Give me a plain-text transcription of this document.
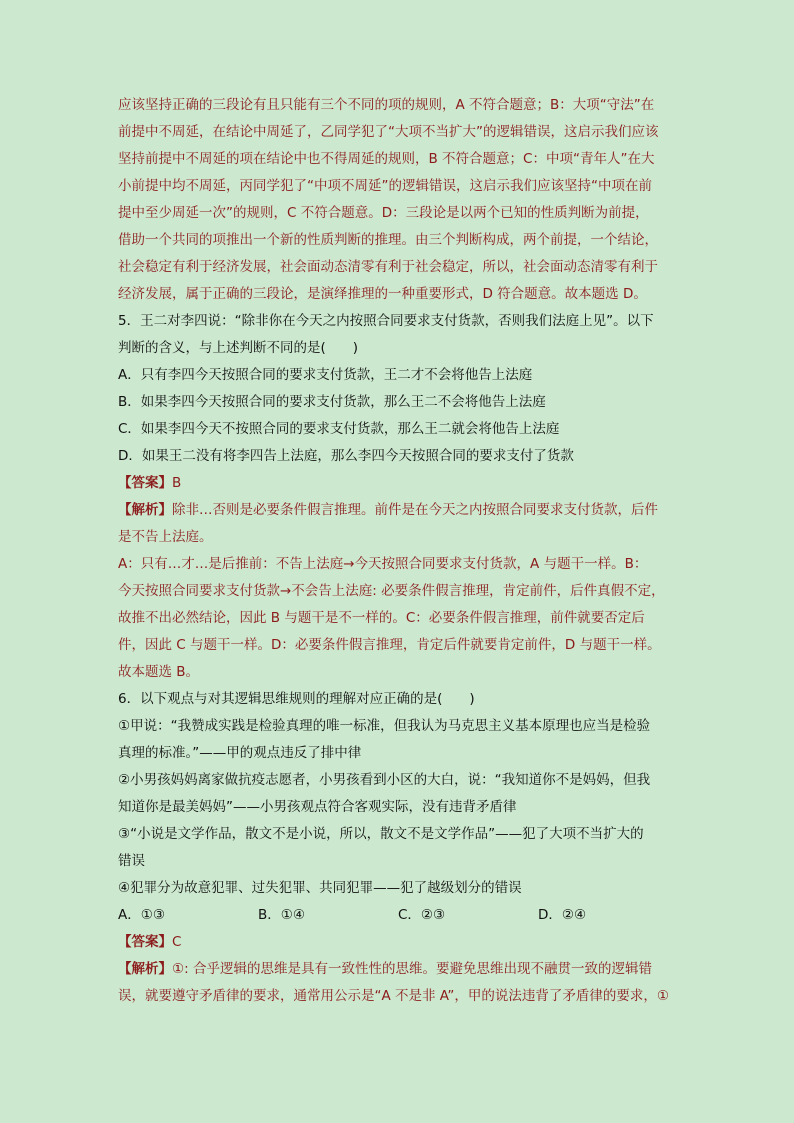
应该坚持正确的三段论有且只能有三个不同的项的规则，A 不符合题意；B：大项“守法”在
前提中不周延，在结论中周延了，乙同学犯了“大项不当扩大”的逻辑错误，这启示我们应该
坚持前提中不周延的项在结论中也不得周延的规则，B 不符合题意；C：中项“青年人”在大
小前提中均不周延，丙同学犯了“中项不周延”的逻辑错误，这启示我们应该坚持“中项在前
提中至少周延一次”的规则，C 不符合题意。D：三段论是以两个已知的性质判断为前提，
借助一个共同的项推出一个新的性质判断的推理。由三个判断构成，两个前提，一个结论，
社会稳定有利于经济发展，社会面动态清零有利于社会稳定，所以，社会面动态清零有利于
经济发展，属于正确的三段论，是演绎推理的一种重要形式，D 符合题意。故本题选 D。
5．王二对李四说：“除非你在今天之内按照合同要求支付货款，否则我们法庭上见”。以下
判断的含义，与上述判断不同的是(　　)
A．只有李四今天按照合同的要求支付货款，王二才不会将他告上法庭
B．如果李四今天按照合同的要求支付货款，那么王二不会将他告上法庭
C．如果李四今天不按照合同的要求支付货款，那么王二就会将他告上法庭
D．如果王二没有将李四告上法庭，那么李四今天按照合同的要求支付了货款
【答案】B
【解析】除非…否则是必要条件假言推理。前件是在今天之内按照合同要求支付货款，后件
是不告上法庭。
A：只有…才…是后推前：不告上法庭→今天按照合同要求支付货款，A 与题干一样。B：
今天按照合同要求支付货款→不会告上法庭: 必要条件假言推理，肯定前件，后件真假不定，
故推不出必然结论，因此 B 与题干是不一样的。C：必要条件假言推理，前件就要否定后
件，因此 C 与题干一样。D：必要条件假言推理，肯定后件就要肯定前件，D 与题干一样。
故本题选 B。
6．以下观点与对其逻辑思维规则的理解对应正确的是(　　)
①甲说：“我赞成实践是检验真理的唯一标准，但我认为马克思主义基本原理也应当是检验
真理的标准。”——甲的观点违反了排中律
②小男孩妈妈离家做抗疫志愿者，小男孩看到小区的大白，说：“我知道你不是妈妈，但我
知道你是最美妈妈”——小男孩观点符合客观实际，没有违背矛盾律
③“小说是文学作品，散文不是小说，所以，散文不是文学作品”——犯了大项不当扩大的
错误
④犯罪分为故意犯罪、过失犯罪、共同犯罪——犯了越级划分的错误
A．①③	B．①④	C．②③	D．②④
【答案】C
【解析】①: 合乎逻辑的思维是具有一致性性的思维。要避免思维出现不融贯一致的逻辑错
误，就要遵守矛盾律的要求，通常用公示是“A 不是非 A”，甲的说法违背了矛盾律的要求，①
